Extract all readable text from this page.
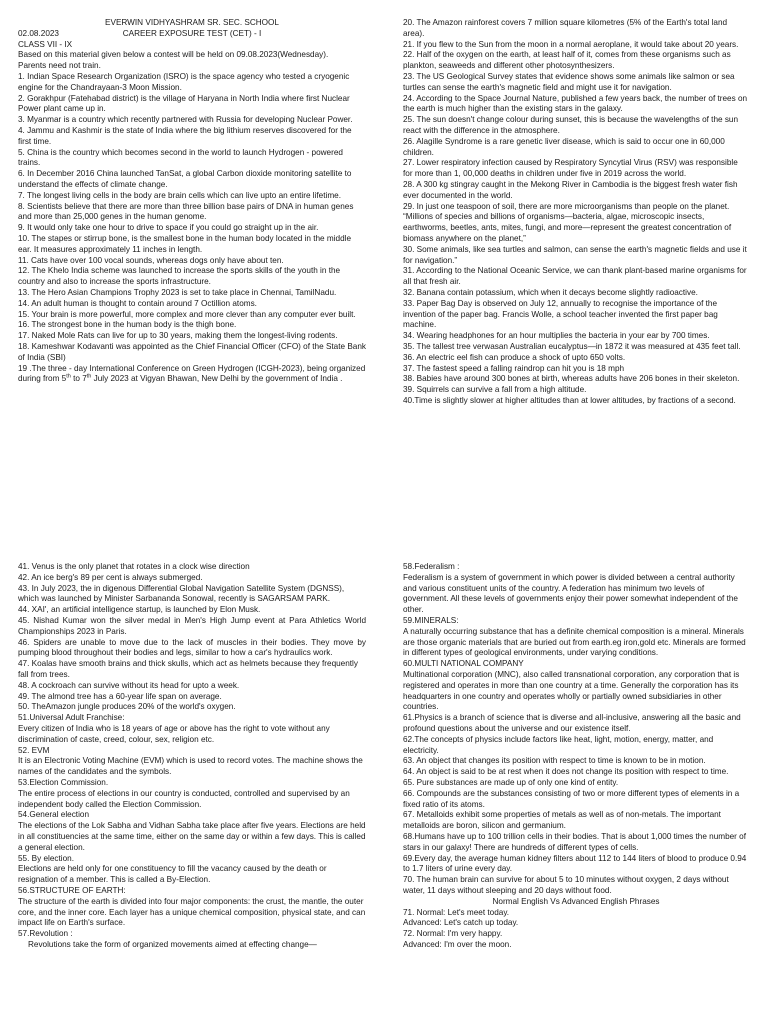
EVERWIN VIDHYASHRAM SR. SEC. SCHOOL
02.08.2023	CAREER EXPOSURE TEST (CET) - I
CLASS VII - IX
Based on this material given below a contest will be held on 09.08.2023(Wednesday).
Parents need not train.
1. Indian Space Research Organization (ISRO) is the space agency who tested a cryogenic engine for the Chandrayaan-3 Moon Mission.
2. Gorakhpur (Fatehabad district) is the village of Haryana in North India where first Nuclear Power plant came up in.
3. Myanmar is a country which recently partnered with Russia for developing Nuclear Power.
4. Jammu and Kashmir is the state of India where the big lithium reserves discovered for the first time.
5. China is the country which becomes second in the world to launch Hydrogen - powered trains.
6. In December 2016 China launched TanSat, a global Carbon dioxide monitoring satellite to understand the effects of climate change.
7. The longest living cells in the body are brain cells which can live upto an entire lifetime.
8. Scientists believe that there are more than three billion base pairs of DNA in human genes and more than 25,000 genes in the human genome.
9. It would only take one hour to drive to space if you could go straight up in the air.
10. The stapes or stirrup bone, is the smallest bone in the human body located in the middle ear. It measures approximately 11 inches in length.
11. Cats have over 100 vocal sounds, whereas dogs only have about ten.
12. The Khelo India scheme was launched to increase the sports skills of the youth in the country and also to increase the sports infrastructure.
13. The Hero Asian Champions Trophy 2023 is set to take place in Chennai, TamilNadu.
14. An adult human is thought to contain around 7 Octillion atoms.
15. Your brain is more powerful, more complex and more clever than any computer ever built.
16. The strongest bone in the human body is the thigh bone.
17. Naked Mole Rats can live for up to 30 years, making them the longest-living rodents.
18. Kameshwar Kodavanti was appointed as the Chief Financial Officer (CFO) of the State Bank of India (SBI)
19 .The three - day International Conference on Green Hydrogen (ICGH-2023), being organized during from 5th to 7th July 2023 at Vigyan Bhawan, New Delhi by the government of India .
20. The Amazon rainforest covers 7 million square kilometres (5% of the Earth's total land area).
21. If you flew to the Sun from the moon in a normal aeroplane, it would take about 20 years.
22. Half of the oxygen on the earth, at least half of it, comes from these organisms such as plankton, seaweeds and different other photosynthesizers.
23. The US Geological Survey states that evidence shows some animals like salmon or sea turtles can sense the earth's magnetic field and might use it for navigation.
24. According to the Space Journal Nature, published a few years back, the number of trees on the earth is much higher than the existing stars in the galaxy.
25. The sun doesn't change colour during sunset, this is because the wavelengths of the sun react with the difference in the atmosphere.
26. Alagille Syndrome is a rare genetic liver disease, which is said to occur one in 60,000 children.
27. Lower respiratory infection caused by Respiratory Syncytial Virus (RSV) was responsible for more than 1, 00,000 deaths in children under five in 2019 across the world.
28. A 300 kg stingray caught in the Mekong River in Cambodia is the biggest fresh water fish ever documented in the world.
29. In just one teaspoon of soil, there are more microorganisms than people on the planet. “Millions of species and billions of organisms—bacteria, algae, microscopic insects, earthworms, beetles, ants, mites, fungi, and more—represent the greatest concentration of biomass anywhere on the planet,”
30. Some animals, like sea turtles and salmon, can sense the earth's magnetic fields and use it for navigation.”
31. According to the National Oceanic Service, we can thank plant-based marine organisms for all that fresh air.
32. Banana contain potassium, which when it decays become slightly radioactive.
33. Paper Bag Day is observed on July 12, annually to recognise the importance of the invention of the paper bag. Francis Wolle, a school teacher invented the first paper bag machine.
34. Wearing headphones for an hour multiplies the bacteria in your ear by 700 times.
35. The tallest tree verwasan Australian eucalyptus—in 1872 it was measured at 435 feet tall.
36. An electric eel fish can produce a shock of upto 650 volts.
37. The fastest speed a falling raindrop can hit you is 18 mph
38. Babies have around 300 bones at birth, whereas adults have 206 bones in their skeleton.
39. Squirrels can survive a fall from a high altitude.
40.Time is slightly slower at higher altitudes than at lower altitudes, by fractions of a second.
41. Venus is the only planet that rotates in a clock wise direction
42. An ice berg's 89 per cent is always submerged.
43. In July 2023, the in digenous Differential Global Navigation Satellite System (DGNSS), which was launched by Minister Sarbananda Sonowal, recently is SAGARSAM PARK.
44. XAI', an artificial intelligence startup, is launched by Elon Musk.
45. Nishad Kumar won the silver medal in Men's High Jump event at Para Athletics World Championships 2023 in Paris.
46. Spiders are unable to move due to the lack of muscles in their bodies. They move by pumping blood throughout their bodies and legs, similar to how a car's hydraulics work.
47. Koalas have smooth brains and thick skulls, which act as helmets because they frequently fall from trees.
48. A cockroach can survive without its head for upto a week.
49. The almond tree has a 60-year life span on average.
50. TheAmazon jungle produces 20% of the world's oxygen.
51.Universal Adult Franchise:
Every citizen of India who is 18 years of age or above has the right to vote without any discrimination of caste, creed, colour, sex, religion etc.
52. EVM
It is an Electronic Voting Machine (EVM) which is used to record votes. The machine shows the names of the candidates and the symbols.
53.Election Commission.
The entire process of elections in our country is conducted, controlled and supervised by an independent body called the Election Commission.
54.General election
The elections of the Lok Sabha and Vidhan Sabha take place after five years. Elections are held in all constituencies at the same time, either on the same day or within a few days. This is called a general election.
55. By election.
Elections are held only for one constituency to fill the vacancy caused by the death or resignation of a member. This is called a By-Election.
56.STRUCTURE OF EARTH:
The structure of the earth is divided into four major components: the crust, the mantle, the outer core, and the inner core. Each layer has a unique chemical composition, physical state, and can impact life on Earth's surface.
57.Revolution :
Revolutions take the form of organized movements aimed at effecting change—
58.Federalism :
Federalism is a system of government in which power is divided between a central authority and various constituent units of the country. A federation has minimum two levels of government. All these levels of governments enjoy their power somewhat independent of the other.
59.MINERALS:
A naturally occurring substance that has a definite chemical composition is a mineral. Minerals are those organic materials that are buried out from earth.eg iron,gold etc. Minerals are formed in different types of geological environments, under varying conditions.
60.MULTI NATIONAL COMPANY
Multinational corporation (MNC), also called transnational corporation, any corporation that is registered and operates in more than one country at a time. Generally the corporation has its headquarters in one country and operates wholly or partially owned subsidiaries in other countries.
61.Physics is a branch of science that is diverse and all-inclusive, answering all the basic and profound questions about the universe and our existence itself.
62.The concepts of physics include factors like heat, light, motion, energy, matter, and electricity.
63. An object that changes its position with respect to time is known to be in motion.
64. An object is said to be at rest when it does not change its position with respect to time.
65. Pure substances are made up of only one kind of entity.
66. Compounds are the substances consisting of two or more different types of elements in a fixed ratio of its atoms.
67. Metalloids exhibit some properties of metals as well as of non-metals. The important metalloids are boron, silicon and germanium.
68.Humans have up to 100 trillion cells in their bodies. That is about 1,000 times the number of stars in our galaxy! There are hundreds of different types of cells.
69.Every day, the average human kidney filters about 112 to 144 liters of blood to produce 0.94 to 1.7 liters of urine every day.
70. The human brain can survive for about 5 to 10 minutes without oxygen, 2 days without water, 11 days without sleeping and 20 days without food.
Normal English Vs Advanced English Phrases
71. Normal: Let's meet today.
Advanced: Let's catch up today.
72. Normal: I'm very happy.
Advanced: I'm over the moon.
